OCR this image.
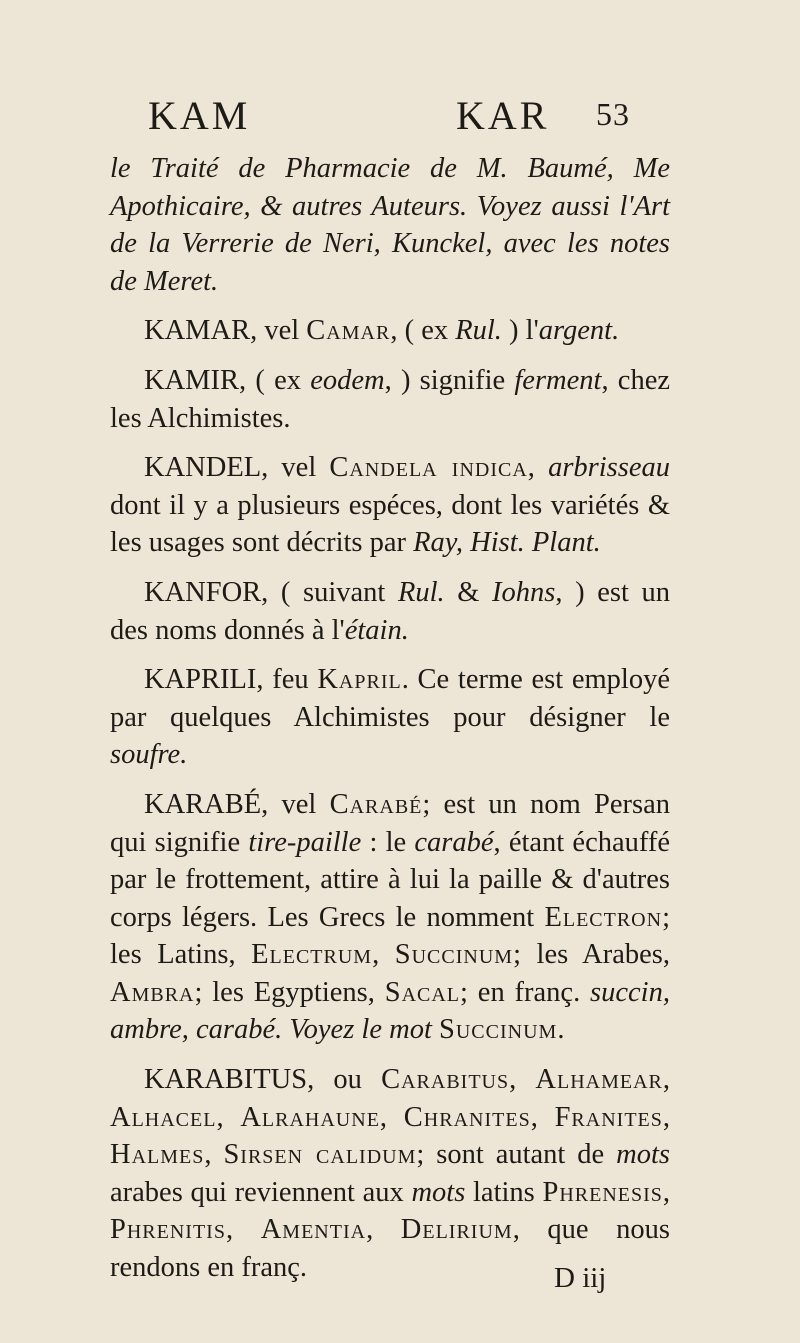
KAM	KAR 53

le Traité de Pharmacie de M. Baumé, Me Apothicaire, & autres Auteurs. Voyez aussi l'Art de la Verrerie de Neri, Kunckel, avec les notes de Meret.

KAMAR, vel Camar, ( ex Rul. ) l'argent.

KAMIR, ( ex eodem, ) signifie ferment, chez les Alchimistes.

KANDEL, vel Candela indica, arbrisseau dont il y a plusieurs espéces, dont les variétés & les usages sont décrits par Ray, Hist. Plant.

KANFOR, ( suivant Rul. & Iohns, ) est un des noms donnés à l'étain.

KAPRILI, feu Kapril. Ce terme est employé par quelques Alchimistes pour désigner le soufre.

KARABÉ, vel Carabé; est un nom Persan qui signifie tire-paille : le carabé, étant échauffé par le frottement, attire à lui la paille & d'autres corps légers. Les Grecs le nomment Electron; les Latins, Electrum, Succinum; les Arabes, Ambra; les Egyptiens, Sacal; en franç. succin, ambre, carabé. Voyez le mot Succinum.

KARABITUS, ou Carabitus, Alhamear, Alhacel, Alrahaune, Chranites, Franites, Halmes, Sirsen calidum; sont autant de mots arabes qui reviennent aux mots latins Phrenesis, Phrenitis, Amentia, Delirium, que nous rendons en franç.	D iij
